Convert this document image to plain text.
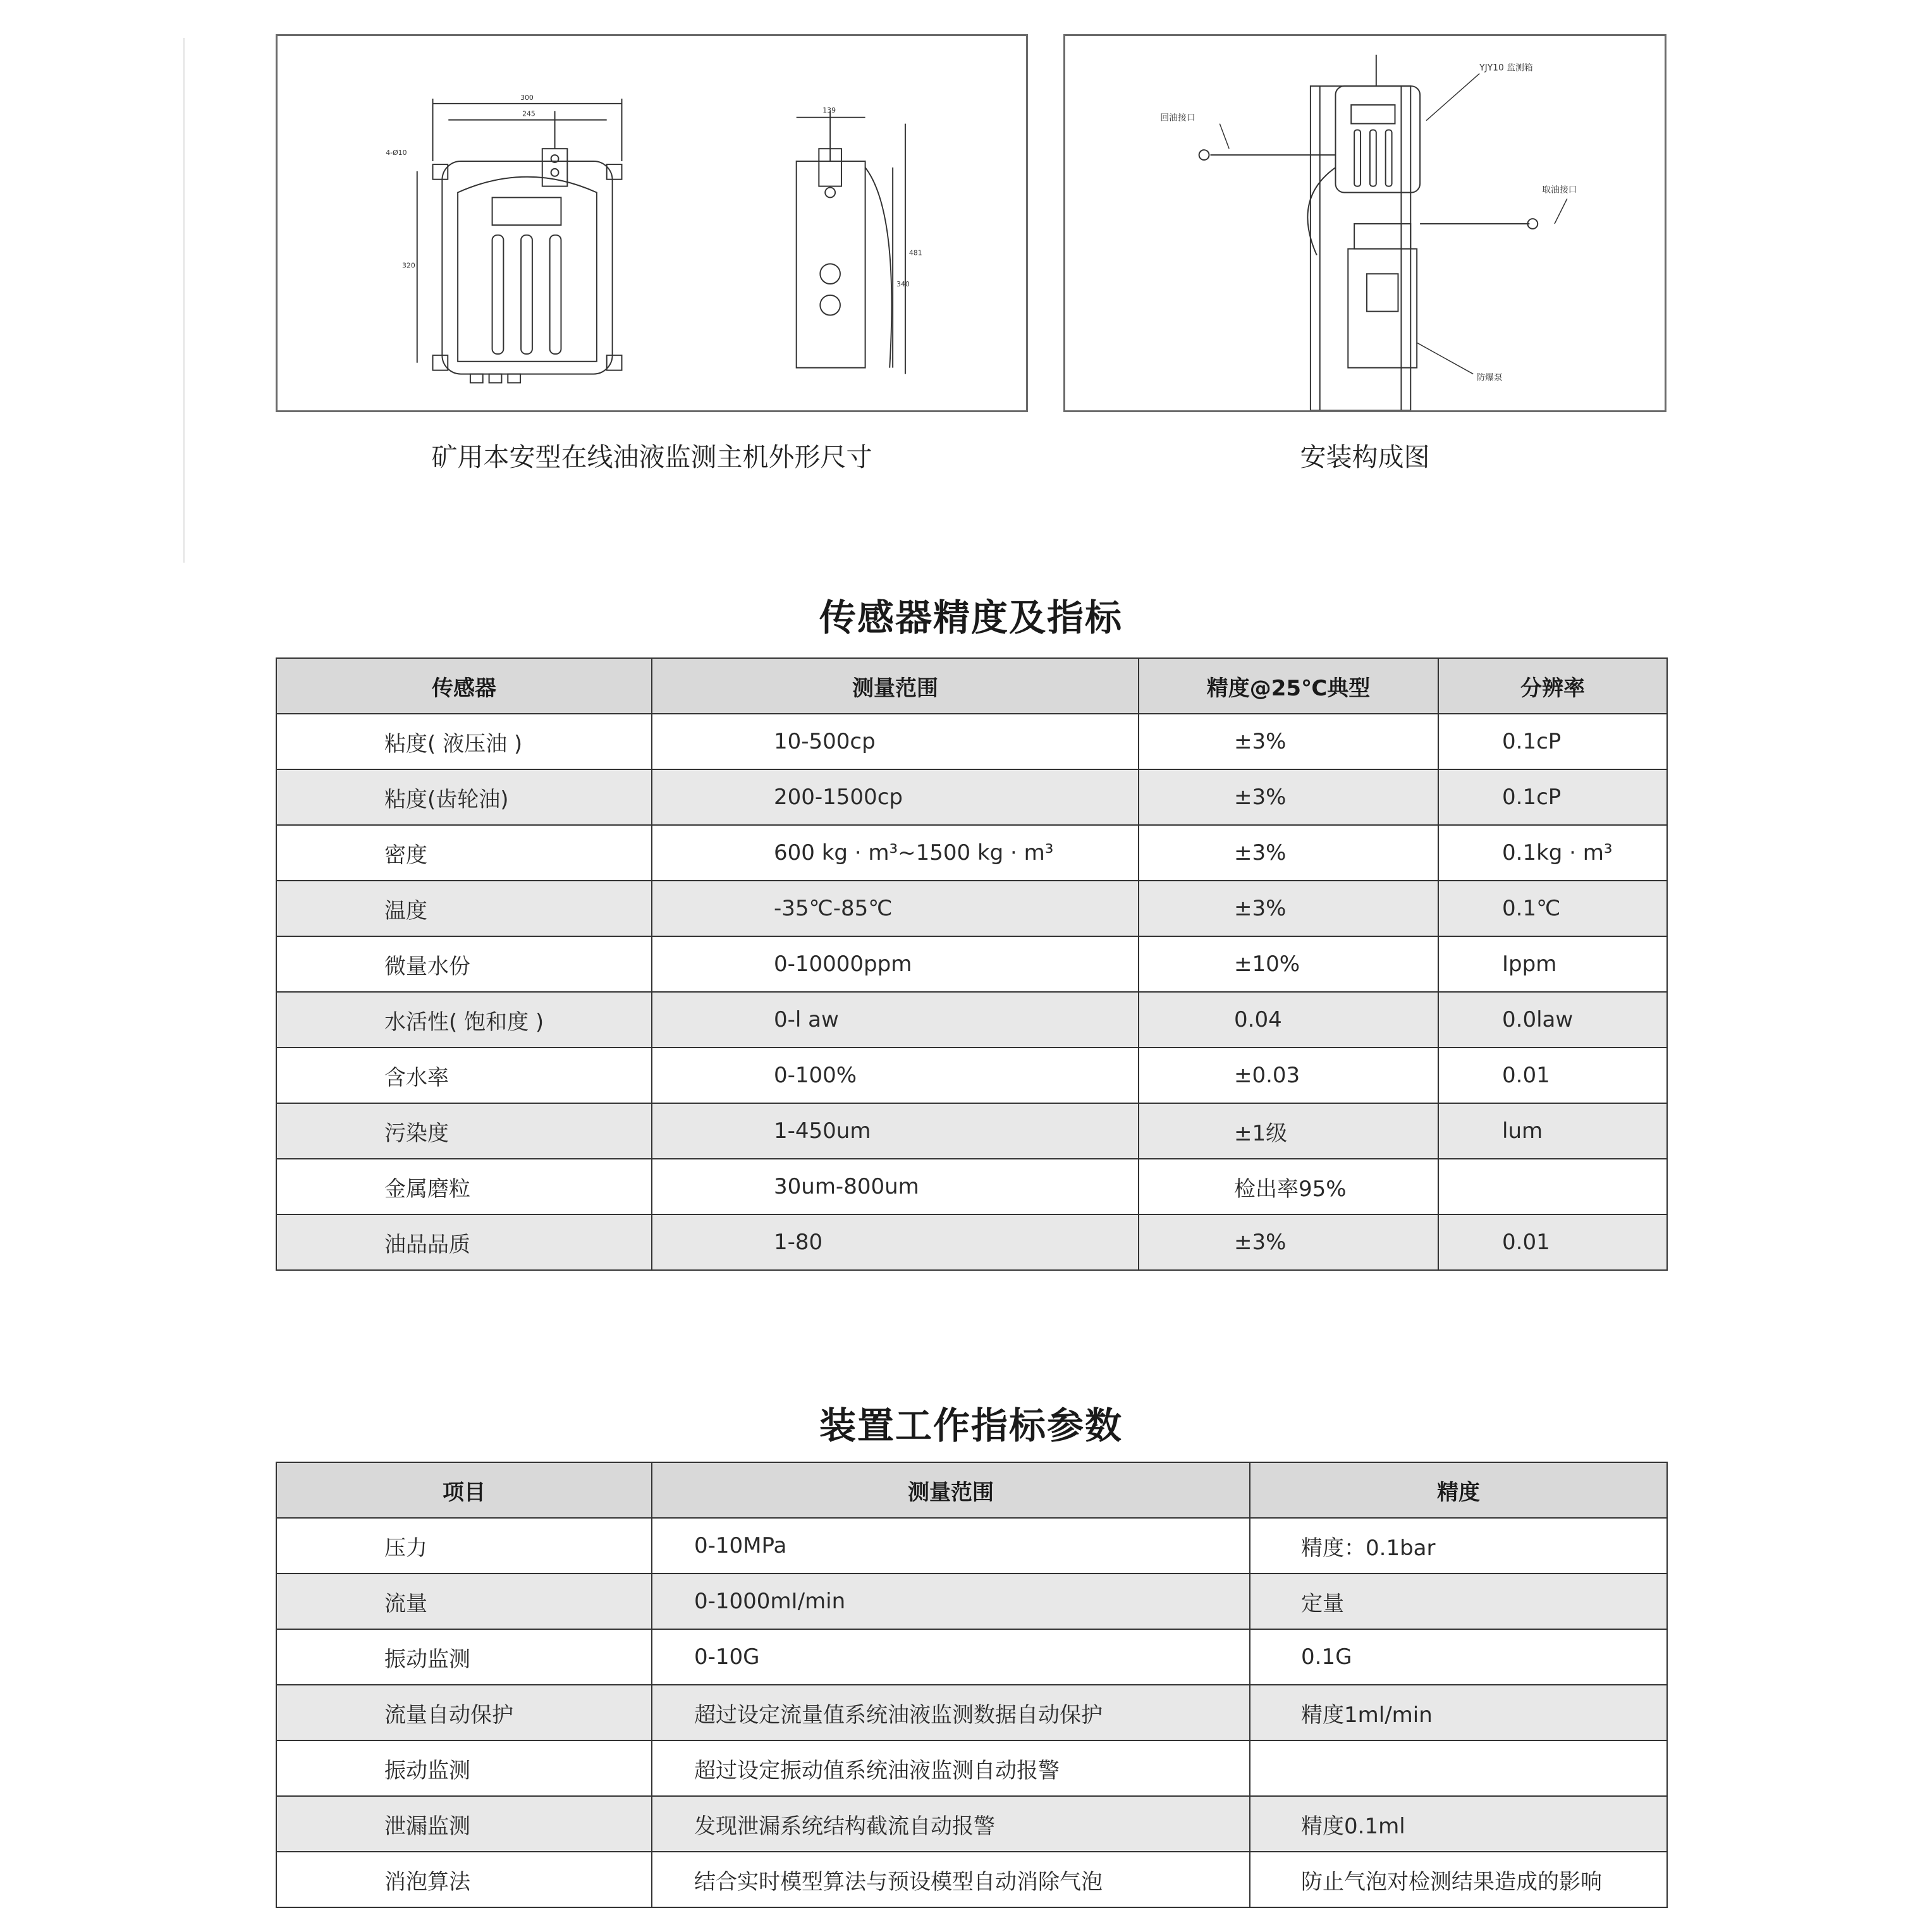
300
245
4-Ø10
320
139
481
340
YJY10 监测箱
回油接口
取油接口
防爆泵
矿用本安型在线油液监测主机外形尺寸	安装构成图
传感器精度及指标
传感器	测量范围	精度@25℃典型	分辨率
粘度( 液压油 )	10-500cp	±3%	0.1cP
粘度(齿轮油)	200-1500cp	±3%	0.1cP
密度	600 kg · m³~1500 kg · m³	±3%	0.1kg · m³
温度	-35℃-85℃	±3%	0.1℃
微量水份	0-10000ppm	±10%	Ippm
水活性( 饱和度 )	0-l aw	0.04	0.0law
含水率	0-100%	±0.03	0.01
污染度	1-450um	±1级	lum
金属磨粒	30um-800um	检出率95%	
油品品质	1-80	±3%	0.01
装置工作指标参数
项目	测量范围	精度
压力	0-10MPa	精度：0.1bar
流量	0-1000mI/min	定量
振动监测	0-10G	0.1G
流量自动保护	超过设定流量值系统油液监测数据自动保护	精度1ml/min
振动监测	超过设定振动值系统油液监测自动报警	
泄漏监测	发现泄漏系统结构截流自动报警	精度0.1ml
消泡算法	结合实时模型算法与预设模型自动消除气泡	防止气泡对检测结果造成的影响
